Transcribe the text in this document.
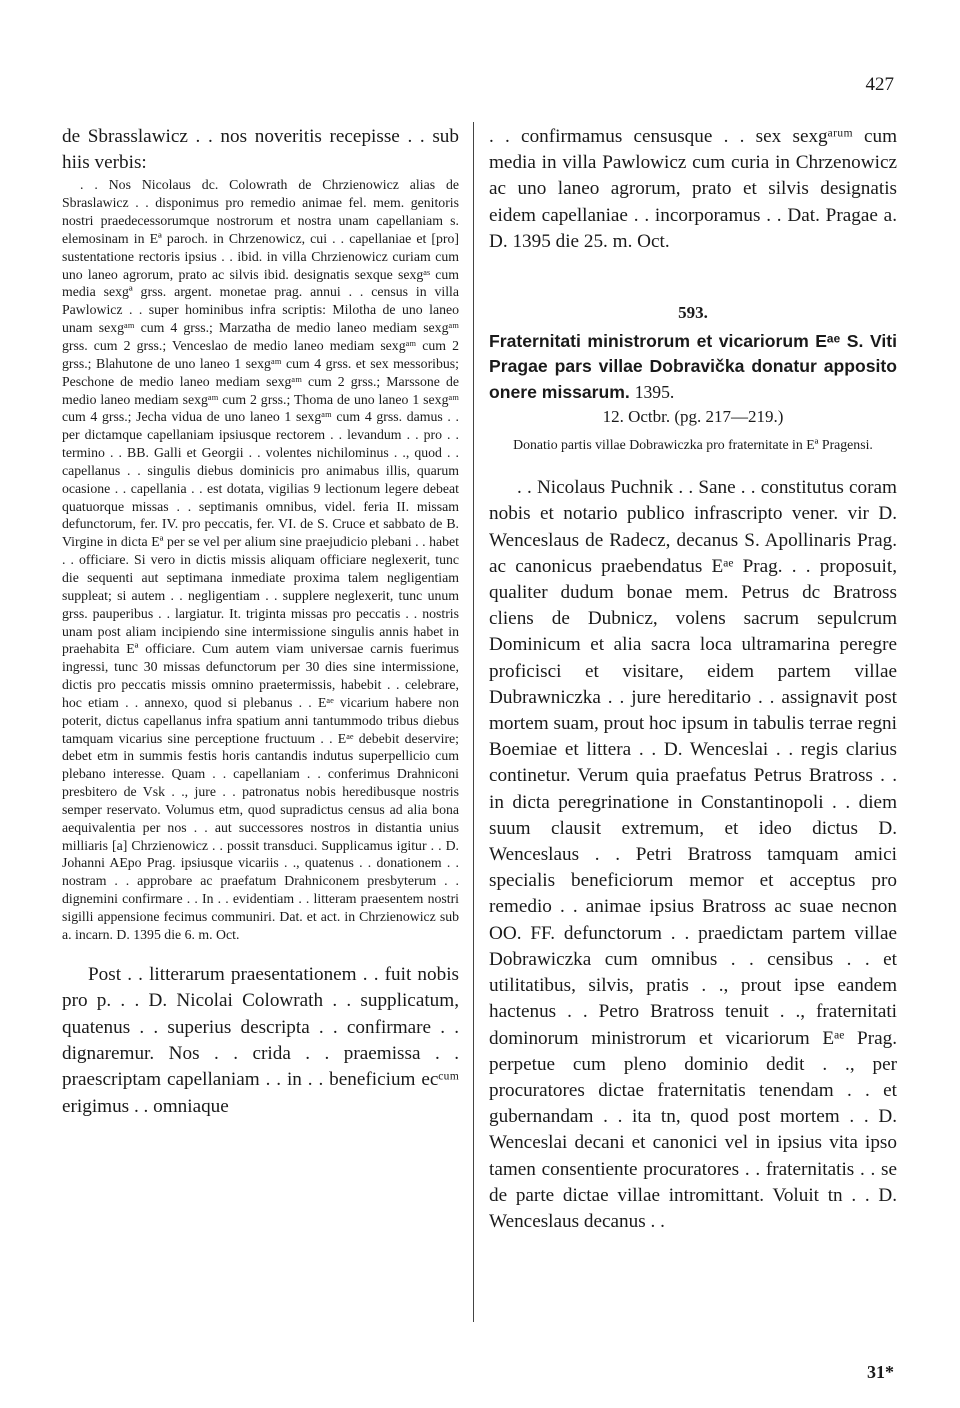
427

de Sbrasslawicz . . nos noveritis recepisse . . sub hiis verbis:

. . Nos Nicolaus dc. Colowrath de Chrzienowicz alias de Sbraslawicz . . disponimus pro remedio animae fel. mem. genitoris nostri praedecessorumque nostrorum et nostra unam capellaniam s. elemosinam in Eª paroch. in Chrzenowicz, cui . . capellaniae et [pro] sustentatione rectoris ipsius . . ibid. in villa Chrzienowicz curiam cum uno laneo agrorum, prato ac silvis ibid. designatis sexque sexgᵃˢ cum media sexgª grss. argent. monetae prag. annui . . census in villa Pawlowicz . . super hominibus infra scriptis: Milotha de uno laneo unam sexgᵃᵐ cum 4 grss.; Marzatha de medio laneo mediam sexgᵃᵐ grss. cum 2 grss.; Venceslao de medio laneo mediam sexgᵃᵐ cum 2 grss.; Blahutone de uno laneo 1 sexgᵃᵐ cum 4 grss. et sex messoribus; Peschone de medio laneo mediam sexgᵃᵐ cum 2 grss.; Marssone de medio laneo mediam sexgᵃᵐ cum 2 grss.; Thoma de uno laneo 1 sexgᵃᵐ cum 4 grss.; Jecha vidua de uno laneo 1 sexgᵃᵐ cum 4 grss. damus . . per dictamque capellaniam ipsiusque rectorem . . levandum . . pro . . termino . . BB. Galli et Georgii . . volentes nichilominus . ., quod . . capellanus . . singulis diebus dominicis pro animabus illis, quarum ocasione . . capellania . . est dotata, vigilias 9 lectionum legere debeat quatuorque missas . . septimanis omnibus, videl. feria II. missam defunctorum, fer. IV. pro peccatis, fer. VI. de S. Cruce et sabbato de B. Virgine in dicta Eª per se vel per alium sine praejudicio plebani . . habet . . officiare. Si vero in dictis missis aliquam officiare neglexerit, tunc die sequenti aut septimana inmediate proxima talem negligentiam suppleat; si autem . . negligentiam . . supplere neglexerit, tunc unum grss. pauperibus . . largiatur. It. triginta missas pro peccatis . . nostris unam post aliam incipiendo sine intermissione singulis annis habet in praehabita Eª officiare. Cum autem viam universae carnis fuerimus ingressi, tunc 30 missas defunctorum per 30 dies sine intermissione, dictis pro peccatis missis omnino praetermissis, habebit . . celebrare, hoc etiam . . annexo, quod si plebanus . . Eᵃᵉ vicarium habere non poterit, dictus capellanus infra spatium anni tantummodo tribus diebus tamquam vicarius sine perceptione fructuum . . Eᵃᵉ debebit deservire; debet etm in summis festis horis cantandis indutus superpellicio cum plebano interesse. Quam . . capellaniam . . conferimus Drahniconi presbitero de Vsk . ., jure . . patronatus nobis heredibusque nostris semper reservato. Volumus etm, quod supradictus census ad alia bona aequivalentia per nos . . aut successores nostros in distantia unius milliaris [a] Chrzienowicz . . possit transduci. Supplicamus igitur . . D. Johanni AEpo Prag. ipsiusque vicariis . ., quatenus . . donationem . . nostram . . approbare ac praefatum Drahniconem presbyterum . . dignemini confirmare . . In . . evidentiam . . litteram praesentem nostri sigilli appensione fecimus communiri. Dat. et act. in Chrzienowicz sub a. incarn. D. 1395 die 6. m. Oct.

Post . . litterarum praesentationem . . fuit nobis pro p. . . D. Nicolai Colowrath . . supplicatum, quatenus . . superius descripta . . confirmare . . dignaremur. Nos . . crida . . praemissa . . praescriptam capellaniam . . in . . beneficium ecᶜᵘᵐ erigimus . . omniaque

. . confirmamus censusque . . sex sexgᵃʳᵘᵐ cum media in villa Pawlowicz cum curia in Chrzenowicz ac uno laneo agrorum, prato et silvis designatis eidem capellaniae . . incorporamus . . Dat. Pragae a. D. 1395 die 25. m. Oct.

593.

Fraternitati ministrorum et vicariorum Eᵃᵉ S. Viti Pragae pars villae Dobravička donatur apposito onere missarum. 1395.

12. Octbr. (pg. 217—219.)

Donatio partis villae Dobrawiczka pro fraternitate in Eª Pragensi.

. . Nicolaus Puchnik . . Sane . . constitutus coram nobis et notario publico infrascripto vener. vir D. Wenceslaus de Radecz, decanus S. Apollinaris Prag. ac canonicus praebendatus Eᵃᵉ Prag. . . proposuit, qualiter dudum bonae mem. Petrus dc Bratross cliens de Dubnicz, volens sacrum sepulcrum Dominicum et alia sacra loca ultramarina peregre proficisci et visitare, eidem partem villae Dubrawniczka . . jure hereditario . . assignavit post mortem suam, prout hoc ipsum in tabulis terrae regni Boemiae et littera . . D. Wenceslai . . regis clarius continetur. Verum quia praefatus Petrus Bratross . . in dicta peregrinatione in Constantinopoli . . diem suum clausit extremum, et ideo dictus D. Wenceslaus . . Petri Bratross tamquam amici specialis beneficiorum memor et acceptus pro remedio . . animae ipsius Bratross ac suae necnon OO. FF. defunctorum . . praedictam partem villae Dobrawiczka cum omnibus . . censibus . . et utilitatibus, silvis, pratis . ., prout ipse eandem hactenus . . Petro Bratross tenuit . ., fraternitati dominorum ministrorum et vicariorum Eᵃᵉ Prag. perpetue cum pleno dominio dedit . ., per procuratores dictae fraternitatis tenendam . . et gubernandam . . ita tn, quod post mortem . . D. Wenceslai decani et canonici vel in ipsius vita ipso tamen consentiente procuratores . . fraternitatis . . se de parte dictae villae intromittant. Voluit tn . . D. Wenceslaus decanus . .

31*
